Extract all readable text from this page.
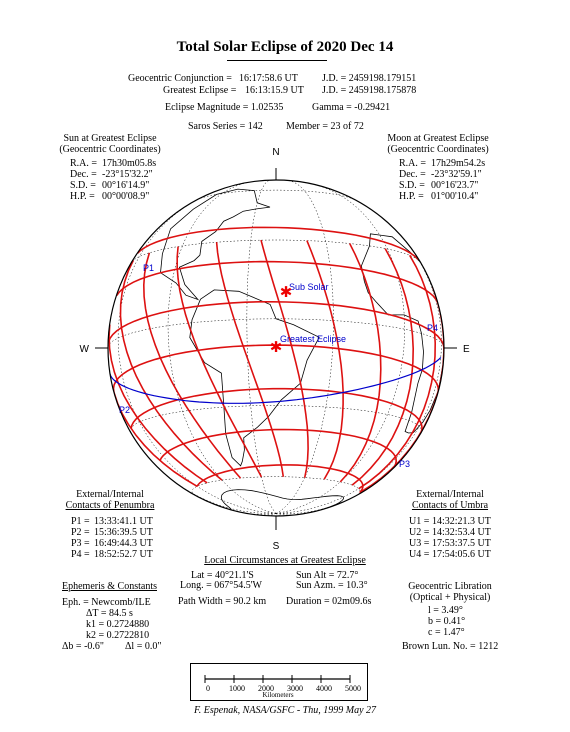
Total Solar Eclipse of 2020 Dec 14
Geocentric Conjunction = 16:17:58.6 UT J.D. = 2459198.179151
Greatest Eclipse = 16:13:15.9 UT J.D. = 2459198.175878
Eclipse Magnitude = 1.02535	Gamma = -0.29421
Saros Series = 142 Member = 23 of 72
Sun at Greatest Eclipse
(Geocentric Coordinates)
R.A. = 17h30m05.8s
Dec. = -23°15'32.2"
S.D. = 00°16'14.9"
H.P. = 00°00'08.9"
Moon at Greatest Eclipse
(Geocentric Coordinates)
R.A. = 17h29m54.2s
Dec. = -23°32'59.1"
S.D. = 00°16'23.7"
H.P. = 01°00'10.4"
N
S
W	E
P1
P2
P3
P4
Sub Solar
Greatest Eclipse
✱
✱
External/Internal
Contacts of Penumbra
P1 = 13:33:41.1 UT
P2 = 15:36:39.5 UT
P3 = 16:49:44.3 UT
P4 = 18:52:52.7 UT
External/Internal
Contacts of Umbra
U1 = 14:32:21.3 UT
U2 = 14:32:53.4 UT
U3 = 17:53:37.5 UT
U4 = 17:54:05.6 UT
Local Circumstances at Greatest Eclipse
Lat = 40°21.1'S
Long. = 067°54.5'W
Sun Alt = 72.7°
Sun Azm. = 10.3°
Path Width = 90.2 km Duration = 02m09.6s
Ephemeris & Constants
Eph. = Newcomb/ILE
ΔT = 84.5 s
k1 = 0.2724880
k2 = 0.2722810
Δb = -0.6" Δl = 0.0"
Geocentric Libration
(Optical + Physical)
l = 3.49°
b = 0.41°
c = 1.47°
Brown Lun. No. = 1212
0	1000	2000	3000	4000	5000
Kilometers
F. Espenak, NASA/GSFC - Thu, 1999 May 27
